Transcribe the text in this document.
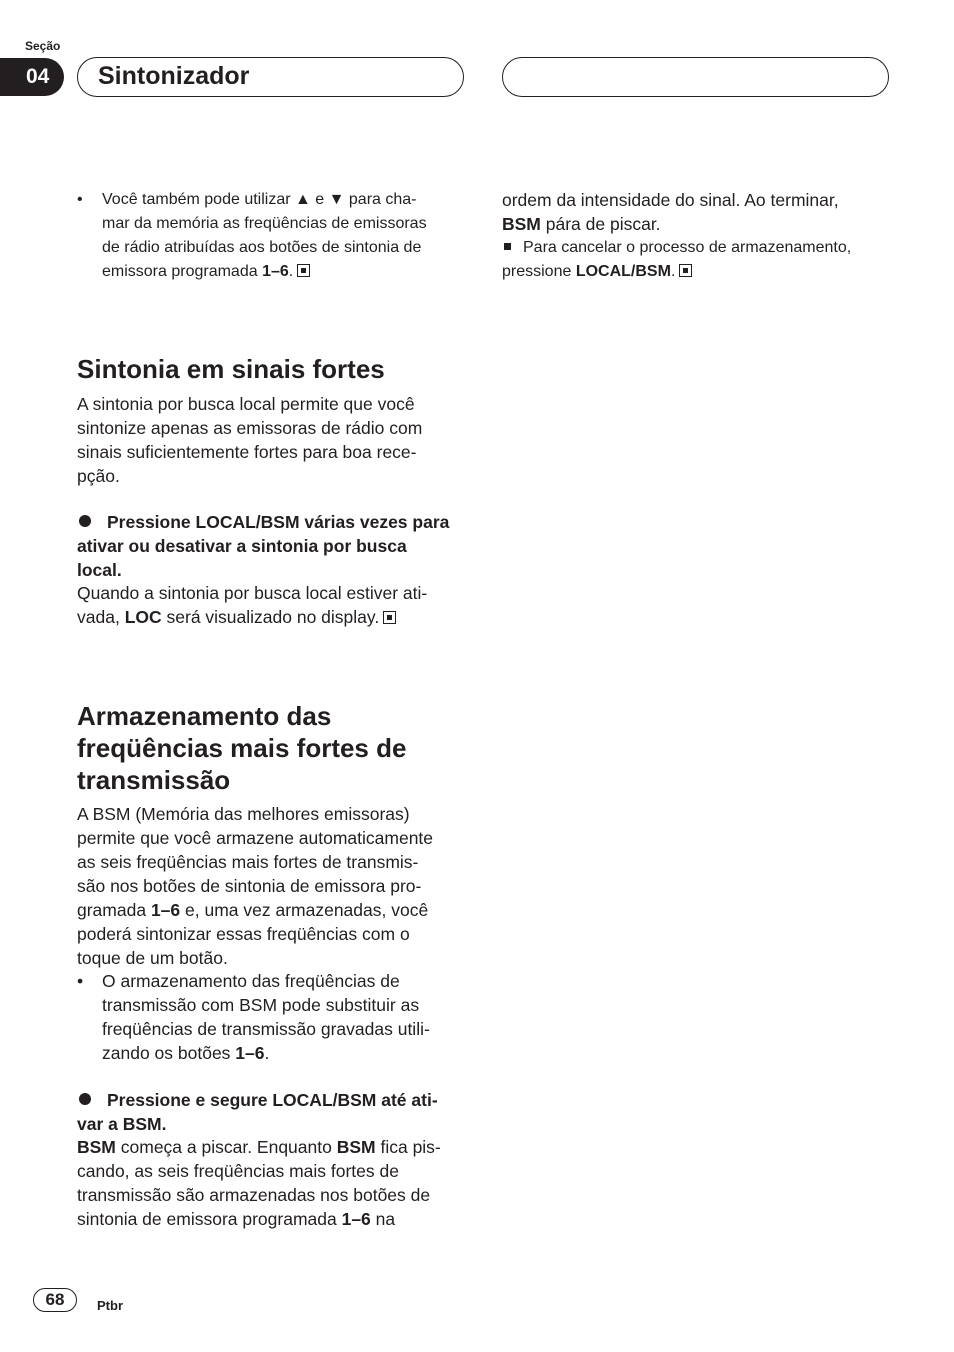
Seção
04	Sintonizador
•	Você também pode utilizar ▲ e ▼ para cha-
mar da memória as freqüências de emissoras
de rádio atribuídas aos botões de sintonia de
emissora programada 1–6.
Sintonia em sinais fortes
A sintonia por busca local permite que você
sintonize apenas as emissoras de rádio com
sinais suficientemente fortes para boa rece-
pção.
Pressione LOCAL/BSM várias vezes para
ativar ou desativar a sintonia por busca
local.
Quando a sintonia por busca local estiver ati-
vada, LOC será visualizado no display.
Armazenamento das
freqüências mais fortes de
transmissão
A BSM (Memória das melhores emissoras)
permite que você armazene automaticamente
as seis freqüências mais fortes de transmis-
são nos botões de sintonia de emissora pro-
gramada 1–6 e, uma vez armazenadas, você
poderá sintonizar essas freqüências com o
toque de um botão.
•	O armazenamento das freqüências de
transmissão com BSM pode substituir as
freqüências de transmissão gravadas utili-
zando os botões 1–6.
Pressione e segure LOCAL/BSM até ati-
var a BSM.
BSM começa a piscar. Enquanto BSM fica pis-
cando, as seis freqüências mais fortes de
transmissão são armazenadas nos botões de
sintonia de emissora programada 1–6 na
ordem da intensidade do sinal. Ao terminar,
BSM pára de piscar.
Para cancelar o processo de armazenamento,
pressione LOCAL/BSM.
68	Ptbr
